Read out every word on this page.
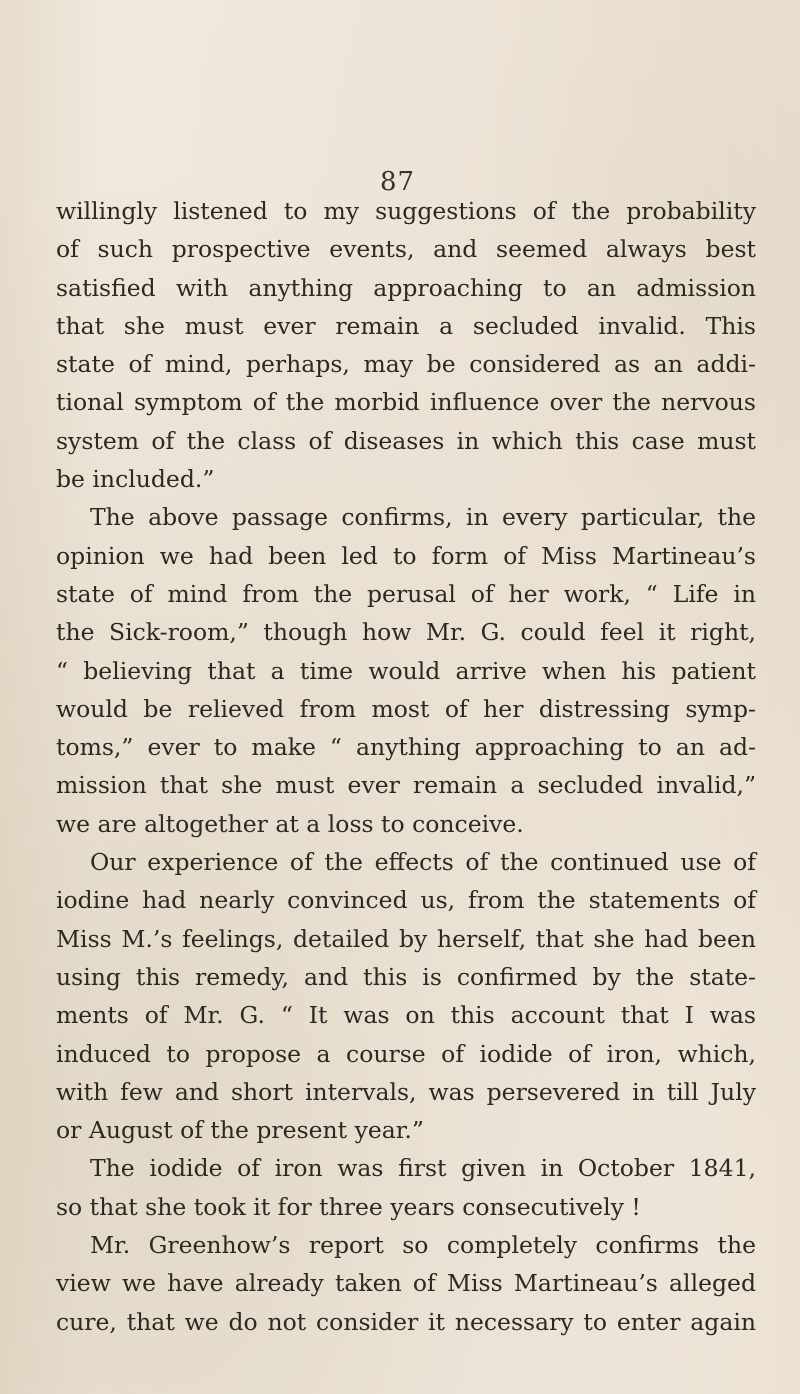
87

willingly listened to my suggestions of the probability
of such prospective events, and seemed always best
satisfied with anything approaching to an admission
that she must ever remain a secluded invalid. This
state of mind, perhaps, may be considered as an addi-
tional symptom of the morbid influence over the nervous
system of the class of diseases in which this case must
be included.”

The above passage confirms, in every particular, the
opinion we had been led to form of Miss Martineau’s
state of mind from the perusal of her work, “ Life in
the Sick-room,” though how Mr. G. could feel it right,
“ believing that a time would arrive when his patient
would be relieved from most of her distressing symp-
toms,” ever to make “ anything approaching to an ad-
mission that she must ever remain a secluded invalid,”
we are altogether at a loss to conceive.

Our experience of the effects of the continued use of
iodine had nearly convinced us, from the statements of
Miss M.’s feelings, detailed by herself, that she had been
using this remedy, and this is confirmed by the state-
ments of Mr. G. “ It was on this account that I was
induced to propose a course of iodide of iron, which,
with few and short intervals, was persevered in till July
or August of the present year.”

The iodide of iron was first given in October 1841,
so that she took it for three years consecutively !

Mr. Greenhow’s report so completely confirms the
view we have already taken of Miss Martineau’s alleged
cure, that we do not consider it necessary to enter again
